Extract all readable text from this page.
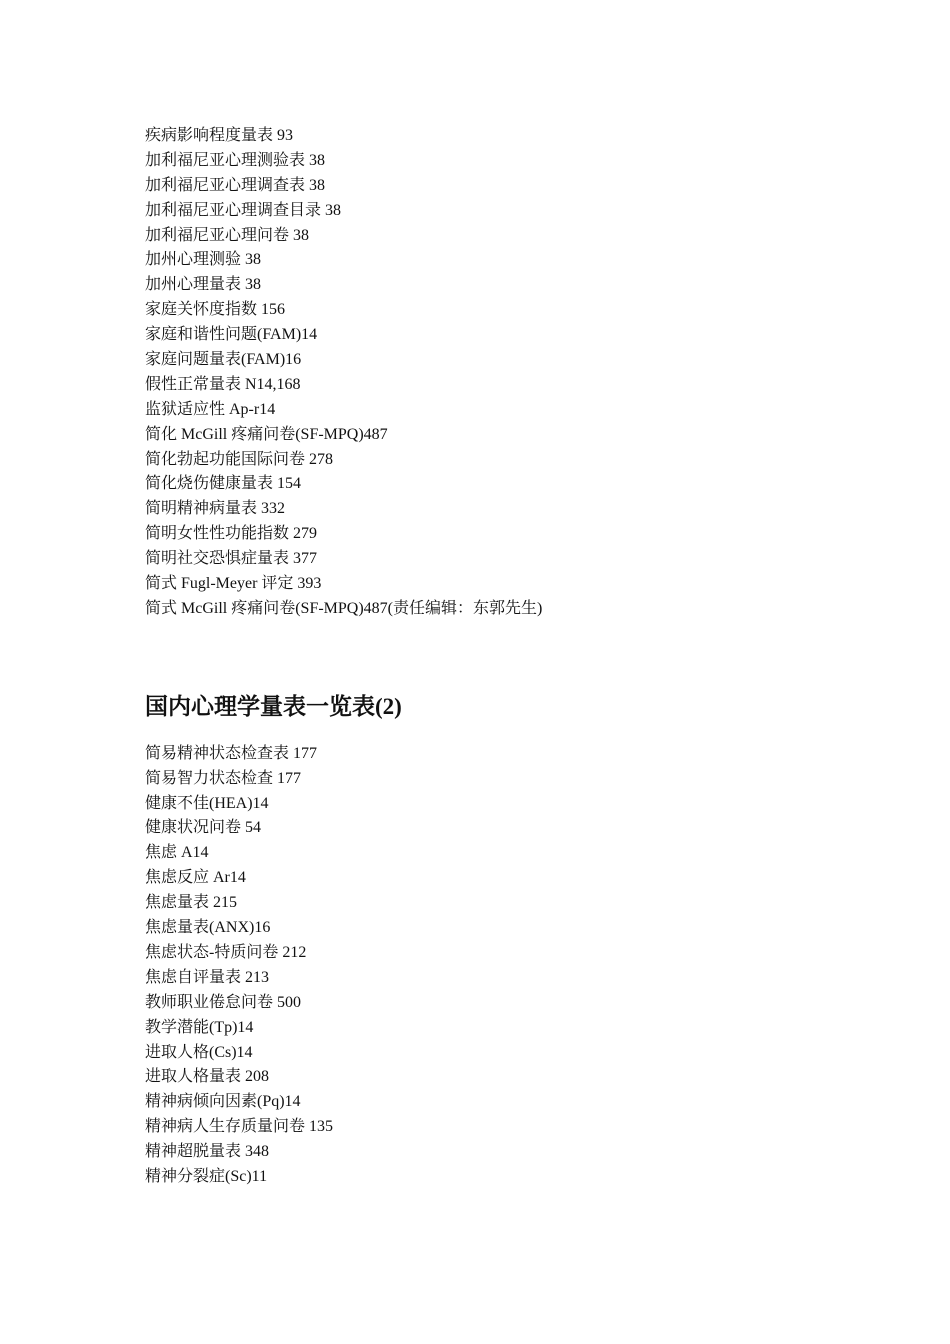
疾病影响程度量表 93
加利福尼亚心理测验表 38
加利福尼亚心理调查表 38
加利福尼亚心理调查目录 38
加利福尼亚心理问卷 38
加州心理测验 38
加州心理量表 38
家庭关怀度指数 156
家庭和谐性问题(FAM)14
家庭问题量表(FAM)16
假性正常量表 N14,168
监狱适应性 Ap-r14
简化 McGill 疼痛问卷(SF-MPQ)487
简化勃起功能国际问卷 278
简化烧伤健康量表 154
简明精神病量表 332
简明女性性功能指数 279
简明社交恐惧症量表 377
简式 Fugl-Meyer 评定 393
简式 McGill 疼痛问卷(SF-MPQ)487(责任编辑：东郭先生)
国内心理学量表一览表(2)
简易精神状态检查表 177
简易智力状态检查 177
健康不佳(HEA)14
健康状况问卷 54
焦虑 A14
焦虑反应 Ar14
焦虑量表 215
焦虑量表(ANX)16
焦虑状态-特质问卷 212
焦虑自评量表 213
教师职业倦怠问卷 500
教学潜能(Tp)14
进取人格(Cs)14
进取人格量表 208
精神病倾向因素(Pq)14
精神病人生存质量问卷 135
精神超脱量表 348
精神分裂症(Sc)11
